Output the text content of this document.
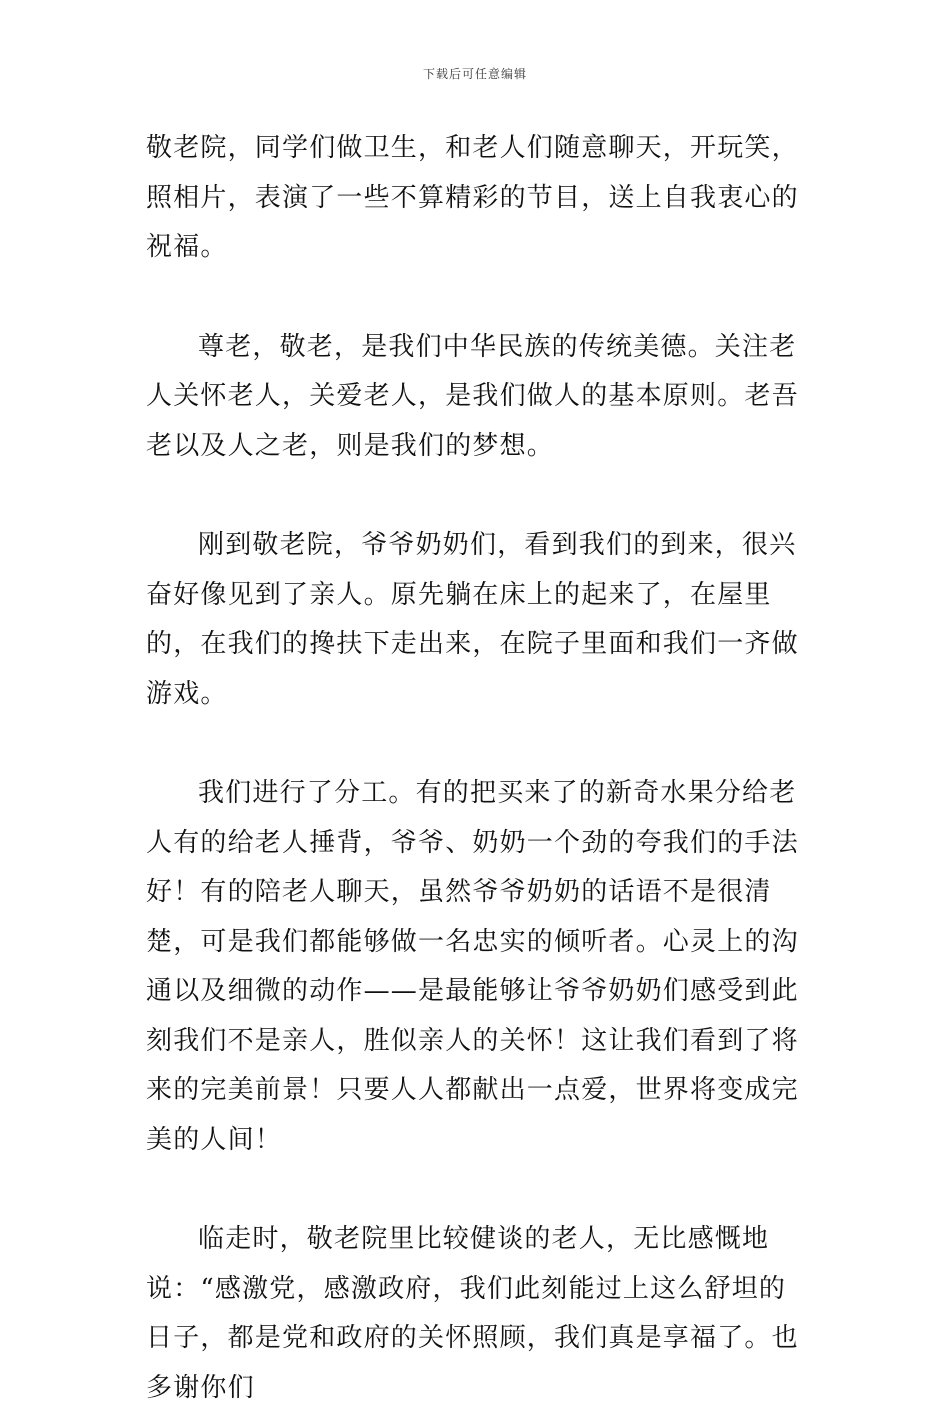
下载后可任意编辑

敬老院，同学们做卫生，和老人们随意聊天，开玩笑，照相片，表演了一些不算精彩的节目，送上自我衷心的祝福。

尊老，敬老，是我们中华民族的传统美德。关注老人关怀老人，关爱老人，是我们做人的基本原则。老吾老以及人之老，则是我们的梦想。

刚到敬老院，爷爷奶奶们，看到我们的到来，很兴奋好像见到了亲人。原先躺在床上的起来了，在屋里的，在我们的搀扶下走出来，在院子里面和我们一齐做游戏。

我们进行了分工。有的把买来了的新奇水果分给老人有的给老人捶背，爷爷、奶奶一个劲的夸我们的手法好！有的陪老人聊天，虽然爷爷奶奶的话语不是很清楚，可是我们都能够做一名忠实的倾听者。心灵上的沟通以及细微的动作——是最能够让爷爷奶奶们感受到此刻我们不是亲人，胜似亲人的关怀！这让我们看到了将来的完美前景！只要人人都献出一点爱，世界将变成完美的人间！

临走时，敬老院里比较健谈的老人，无比感慨地说：“感激党，感激政府，我们此刻能过上这么舒坦的日子，都是党和政府的关怀照顾，我们真是享福了。也多谢你们
